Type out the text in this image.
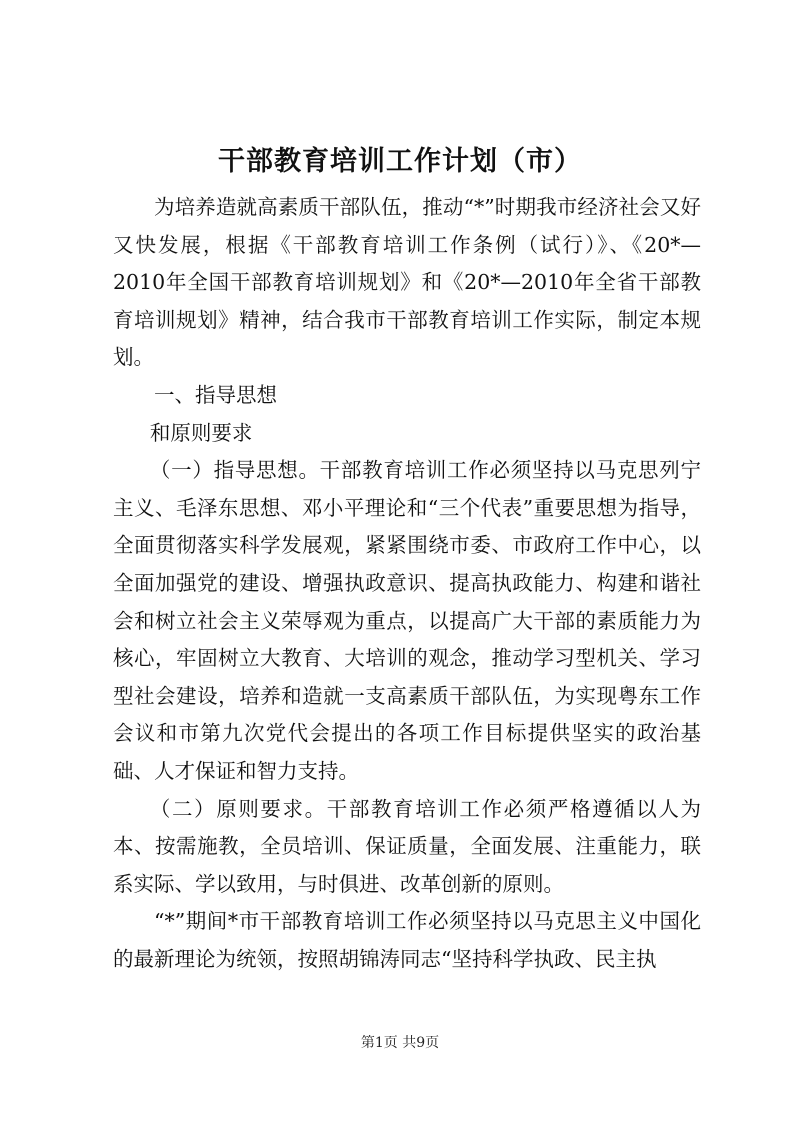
干部教育培训工作计划（市）

为培养造就高素质干部队伍，推动“*”时期我市经济社会又好又快发展，根据《干部教育培训工作条例（试行）》、《20*—2010年全国干部教育培训规划》和《20*—2010年全省干部教育培训规划》精神，结合我市干部教育培训工作实际，制定本规划。

一、指导思想

和原则要求

（一）指导思想。干部教育培训工作必须坚持以马克思列宁主义、毛泽东思想、邓小平理论和“三个代表”重要思想为指导，全面贯彻落实科学发展观，紧紧围绕市委、市政府工作中心，以全面加强党的建设、增强执政意识、提高执政能力、构建和谐社会和树立社会主义荣辱观为重点，以提高广大干部的素质能力为核心，牢固树立大教育、大培训的观念，推动学习型机关、学习型社会建设，培养和造就一支高素质干部队伍，为实现粤东工作会议和市第九次党代会提出的各项工作目标提供坚实的政治基础、人才保证和智力支持。

（二）原则要求。干部教育培训工作必须严格遵循以人为本、按需施教，全员培训、保证质量，全面发展、注重能力，联系实际、学以致用，与时俱进、改革创新的原则。

“*”期间*市干部教育培训工作必须坚持以马克思主义中国化的最新理论为统领，按照胡锦涛同志“坚持科学执政、民主执

第1页 共9页
